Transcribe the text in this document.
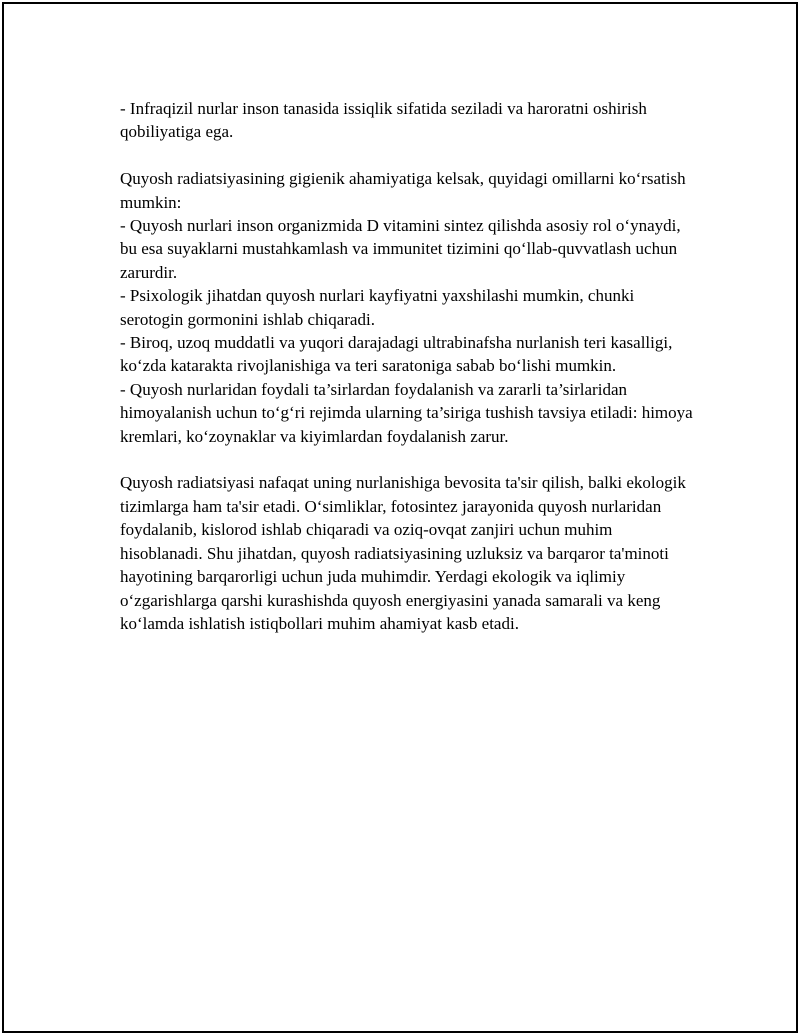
- Infraqizil nurlar inson tanasida issiqlik sifatida seziladi va haroratni oshirish qobiliyatiga ega.

Quyosh radiatsiyasining gigienik ahamiyatiga kelsak, quyidagi omillarni ko‘rsatish mumkin:

- Quyosh nurlari inson organizmida D vitamini sintez qilishda asosiy rol o‘ynaydi, bu esa suyaklarni mustahkamlash va immunitet tizimini qo‘llab-quvvatlash uchun zarurdir.

- Psixologik jihatdan quyosh nurlari kayfiyatni yaxshilashi mumkin, chunki serotogin gormonini ishlab chiqaradi.

- Biroq, uzoq muddatli va yuqori darajadagi ultrabinafsha nurlanish teri kasalligi, ko‘zda katarakta rivojlanishiga va teri saratoniga sabab bo‘lishi mumkin.

- Quyosh nurlaridan foydali ta’sirlardan foydalanish va zararli ta’sirlaridan himoyalanish uchun to‘g‘ri rejimda ularning ta’siriga tushish tavsiya etiladi: himoya kremlari, ko‘zoynaklar va kiyimlardan foydalanish zarur.

Quyosh radiatsiyasi nafaqat uning nurlanishiga bevosita ta'sir qilish, balki ekologik tizimlarga ham ta'sir etadi. O‘simliklar, fotosintez jarayonida quyosh nurlaridan foydalanib, kislorod ishlab chiqaradi va oziq-ovqat zanjiri uchun muhim hisoblanadi. Shu jihatdan, quyosh radiatsiyasining uzluksiz va barqaror ta'minoti hayotining barqarorligi uchun juda muhimdir. Yerdagi ekologik va iqlimiy o‘zgarishlarga qarshi kurashishda quyosh energiyasini yanada samarali va keng ko‘lamda ishlatish istiqbollari muhim ahamiyat kasb etadi.
